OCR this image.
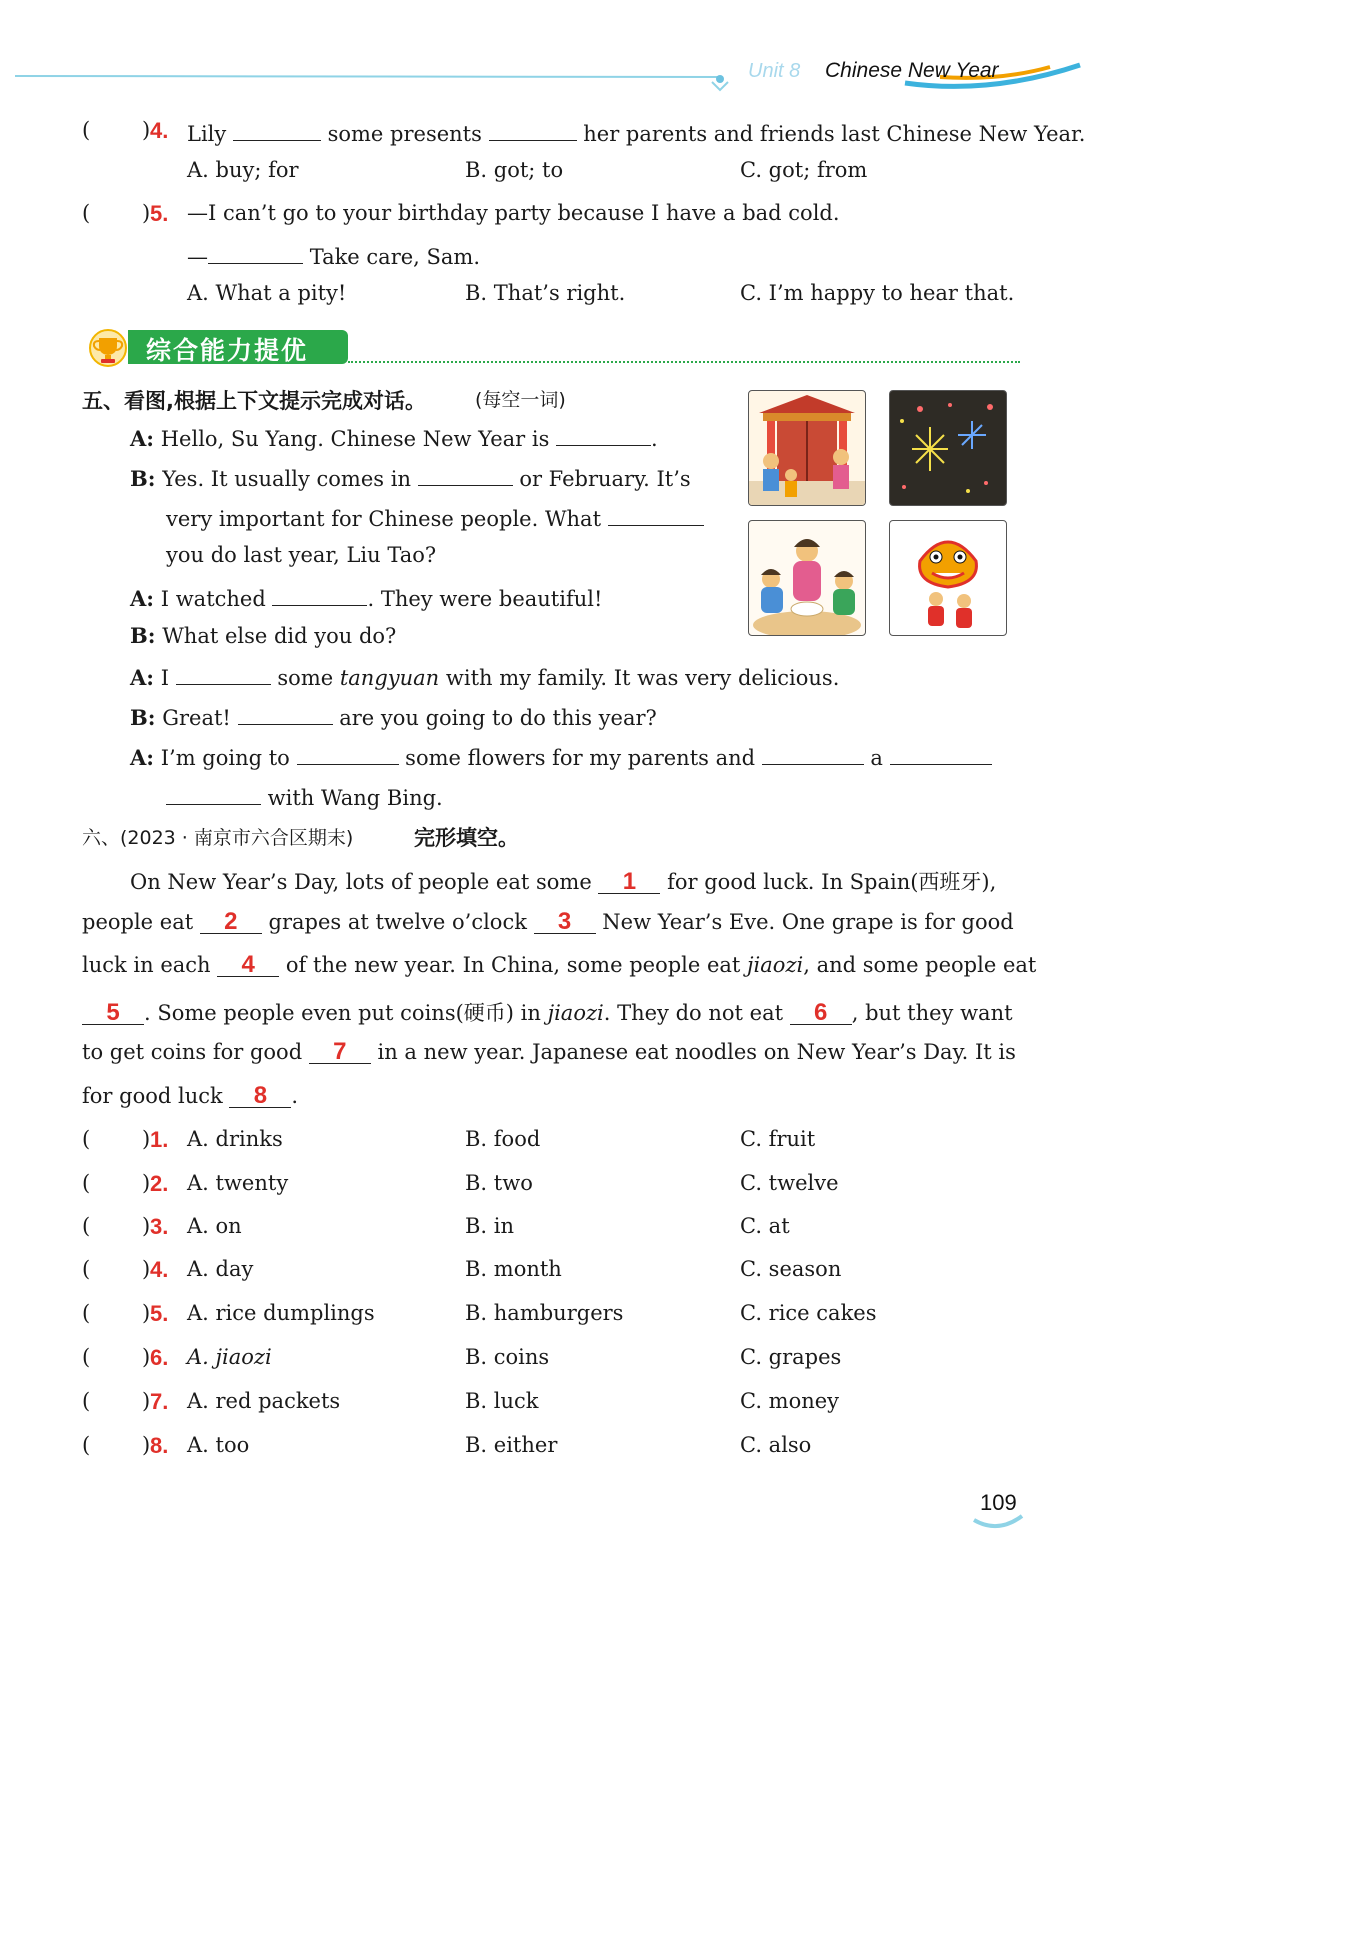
Unit 8 Chinese New Year
( ) 4. Lily	some presents	her parents and friends last Chinese New Year.
A. buy; for	B. got; to	C. got; from
( ) 5. —I can’t go to your birthday party because I have a bad cold.
—	Take care, Sam.
A. What a pity!	B. That’s right.	C. I’m happy to hear that.
综合能力提优
五、看图,根据上下文提示完成对话。	(每空一词)
A: Hello, Su Yang. Chinese New Year is	.
B: Yes. It usually comes in	or February. It’s
very important for Chinese people. What
you do last year, Liu Tao?
A: I watched	. They were beautiful!
B: What else did you do?
A: I	some tangyuan with my family. It was very delicious.
B: Great!	are you going to do this year?
A: I’m going to	some flowers for my parents and	a
with Wang Bing.
六、(2023 · 南京市六合区期末)	完形填空。
On New Year’s Day, lots of people eat some 1 for good luck. In Spain(西班牙),
people eat 2 grapes at twelve o’clock 3 New Year’s Eve. One grape is for good
luck in each 4 of the new year. In China, some people eat jiaozi, and some people eat
5 . Some people even put coins(硬币) in jiaozi. They do not eat 6 , but they want
to get coins for good 7 in a new year. Japanese eat noodles on New Year’s Day. It is
for good luck 8 .
( ) 1. A. drinks	B. food	C. fruit
( ) 2. A. twenty	B. two	C. twelve
( ) 3. A. on	B. in	C. at
( ) 4. A. day	B. month	C. season
( ) 5. A. rice dumplings	B. hamburgers	C. rice cakes
( ) 6. A. jiaozi	B. coins	C. grapes
( ) 7. A. red packets	B. luck	C. money
( ) 8. A. too	B. either	C. also
109
